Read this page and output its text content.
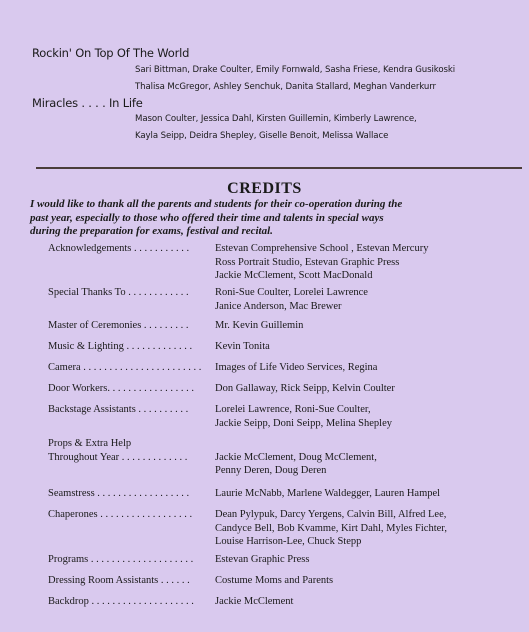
Rockin' On Top Of The World
Sari Bittman, Drake Coulter, Emily Fornwald, Sasha Friese, Kendra Gusikoski
Thalisa McGregor, Ashley Senchuk, Danita Stallard, Meghan Vanderkurr
Miracles . . . . In Life
Mason Coulter, Jessica Dahl, Kirsten Guillemin, Kimberly Lawrence,
Kayla Seipp, Deidra Shepley, Giselle Benoit, Melissa Wallace
CREDITS
I would like to thank all the parents and students for their co-operation during the
past year, especially to those who offered their time and talents in special ways
during the preparation for exams, festival and recital.
Acknowledgements . . . . . . . . . . . Estevan Comprehensive School , Estevan Mercury
Ross Portrait Studio, Estevan Graphic Press
Jackie McClement, Scott MacDonald
Special Thanks To . . . . . . . . . . . .	Roni-Sue Coulter, Lorelei Lawrence
Janice Anderson, Mac Brewer
Master of Ceremonies . . . . . . . . .	Mr. Kevin Guillemin
Music & Lighting . . . . . . . . . . . . . Kevin Tonita
Camera . . . . . . . . . . . . . . . . . . . . . . . Images of Life Video Services, Regina
Door Workers. . . . . . . . . . . . . . . . . Don Gallaway, Rick Seipp, Kelvin Coulter
Backstage Assistants . . . . . . . . . .	Lorelei Lawrence, Roni-Sue Coulter,
Jackie Seipp, Doni Seipp, Melina Shepley
Props & Extra Help
Throughout Year . . . . . . . . . . . . .
	Jackie McClement, Doug McClement,
Penny Deren, Doug Deren
Seamstress . . . . . . . . . . . . . . . . . . Laurie McNabb, Marlene Waldegger, Lauren Hampel
Chaperones . . . . . . . . . . . . . . . . . . Dean Pylypuk, Darcy Yergens, Calvin Bill, Alfred Lee,
Candyce Bell, Bob Kvamme, Kirt Dahl, Myles Fichter,
Louise Harrison-Lee, Chuck Stepp
Programs . . . . . . . . . . . . . . . . . . . . Estevan Graphic Press
Dressing Room Assistants . . . . . . Costume Moms and Parents
Backdrop . . . . . . . . . . . . . . . . . . . . Jackie McClement
